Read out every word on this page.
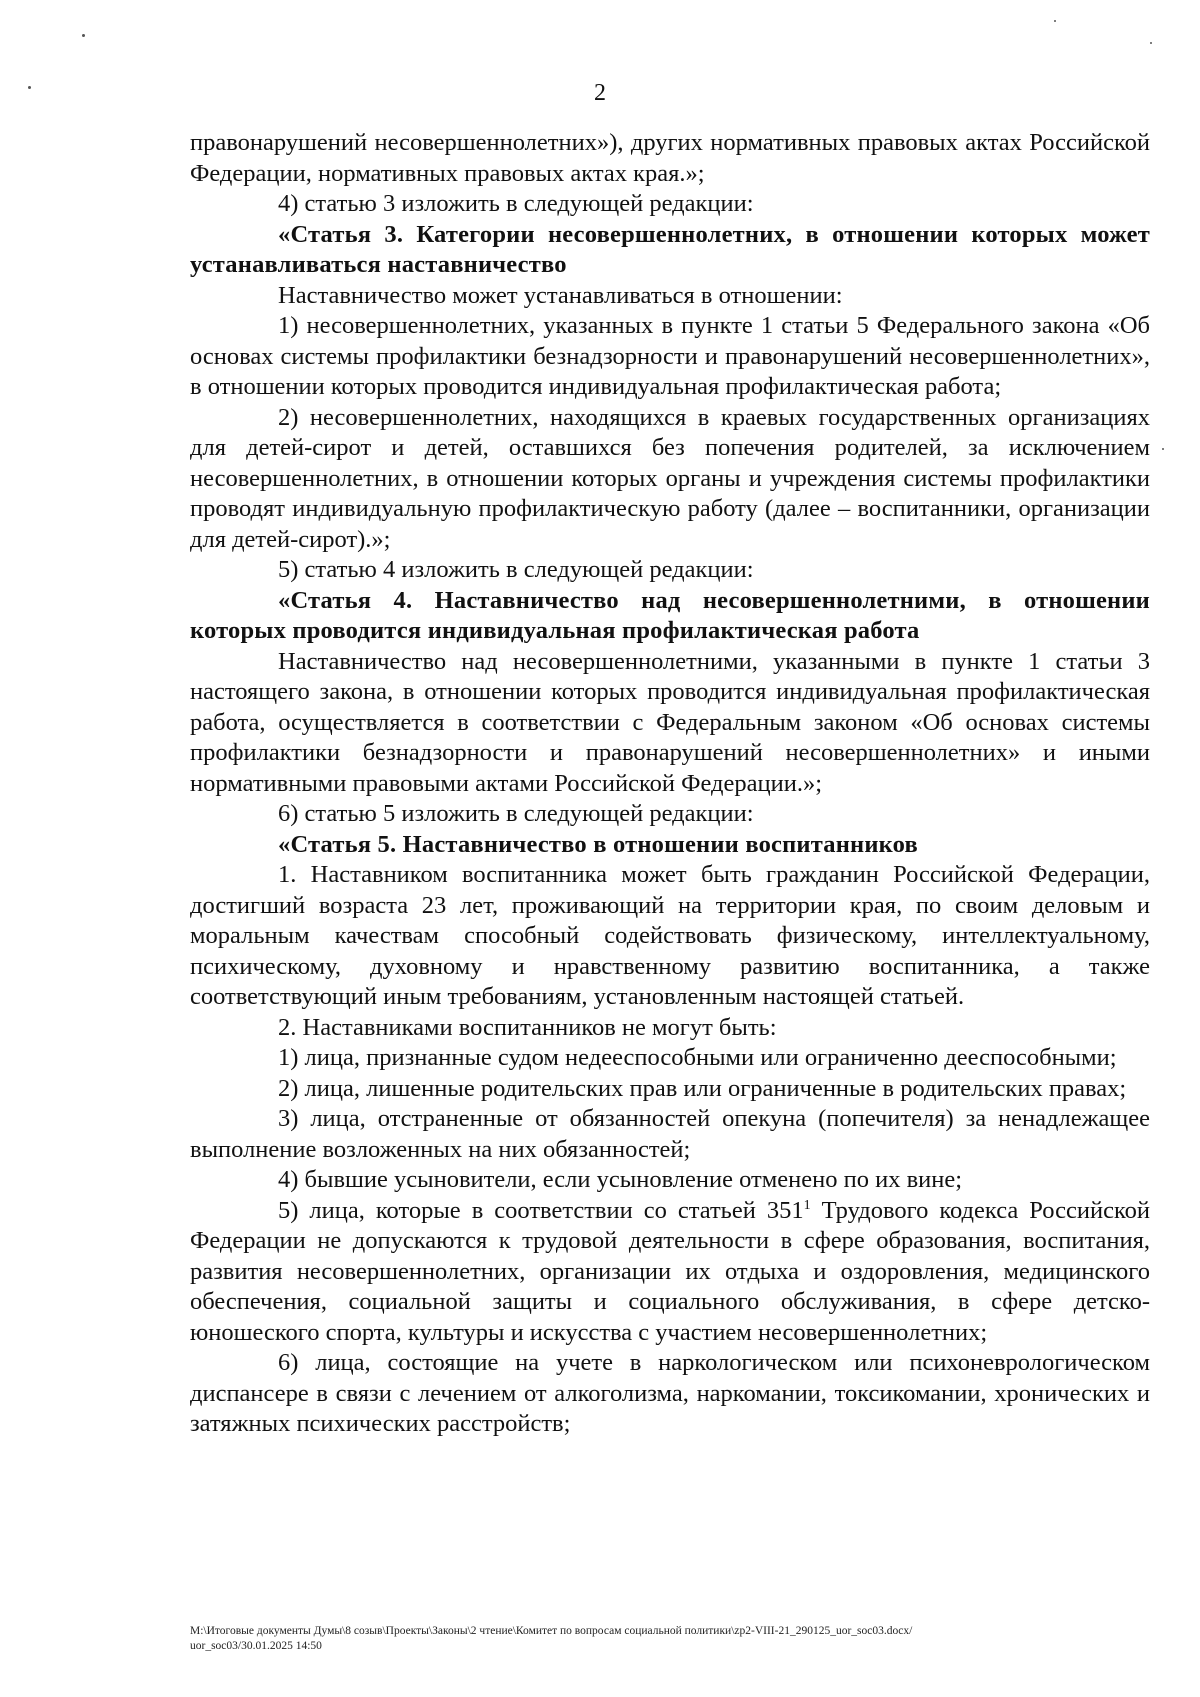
2

правонарушений несовершеннолетних»), других нормативных правовых актах Российской Федерации, нормативных правовых актах края.»;

4) статью 3 изложить в следующей редакции:

«Статья 3. Категории несовершеннолетних, в отношении которых может устанавливаться наставничество

Наставничество может устанавливаться в отношении:

1) несовершеннолетних, указанных в пункте 1 статьи 5 Федерального закона «Об основах системы профилактики безнадзорности и правонарушений несовершеннолетних», в отношении которых проводится индивидуальная профилактическая работа;

2) несовершеннолетних, находящихся в краевых государственных организациях для детей-сирот и детей, оставшихся без попечения родителей, за исключением несовершеннолетних, в отношении которых органы и учреждения системы профилактики проводят индивидуальную профилактическую работу (далее – воспитанники, организации для детей-сирот).»;

5) статью 4 изложить в следующей редакции:

«Статья 4. Наставничество над несовершеннолетними, в отношении которых проводится индивидуальная профилактическая работа

Наставничество над несовершеннолетними, указанными в пункте 1 статьи 3 настоящего закона, в отношении которых проводится индивидуальная профилактическая работа, осуществляется в соответствии с Федеральным законом «Об основах системы профилактики безнадзорности и правонарушений несовершеннолетних» и иными нормативными правовыми актами Российской Федерации.»;

6) статью 5 изложить в следующей редакции:

«Статья 5. Наставничество в отношении воспитанников

1. Наставником воспитанника может быть гражданин Российской Федерации, достигший возраста 23 лет, проживающий на территории края, по своим деловым и моральным качествам способный содействовать физическому, интеллектуальному, психическому, духовному и нравственному развитию воспитанника, а также соответствующий иным требованиям, установленным настоящей статьей.

2. Наставниками воспитанников не могут быть:

1) лица, признанные судом недееспособными или ограниченно дееспособными;

2) лица, лишенные родительских прав или ограниченные в родительских правах;

3) лица, отстраненные от обязанностей опекуна (попечителя) за ненадлежащее выполнение возложенных на них обязанностей;

4) бывшие усыновители, если усыновление отменено по их вине;

5) лица, которые в соответствии со статьей $351^1$ Трудового кодекса Российской Федерации не допускаются к трудовой деятельности в сфере образования, воспитания, развития несовершеннолетних, организации их отдыха и оздоровления, медицинского обеспечения, социальной защиты и социального обслуживания, в сфере детско-юношеского спорта, культуры и искусства с участием несовершеннолетних;

6) лица, состоящие на учете в наркологическом или психоневрологическом диспансере в связи с лечением от алкоголизма, наркомании, токсикомании, хронических и затяжных психических расстройств;

M:\Итоговые документы Думы\8 созыв\Проекты\Законы\2 чтение\Комитет по вопросам социальной политики\zp2-VIII-21_290125_uor_soc03.docx/
uor_soc03/30.01.2025 14:50
